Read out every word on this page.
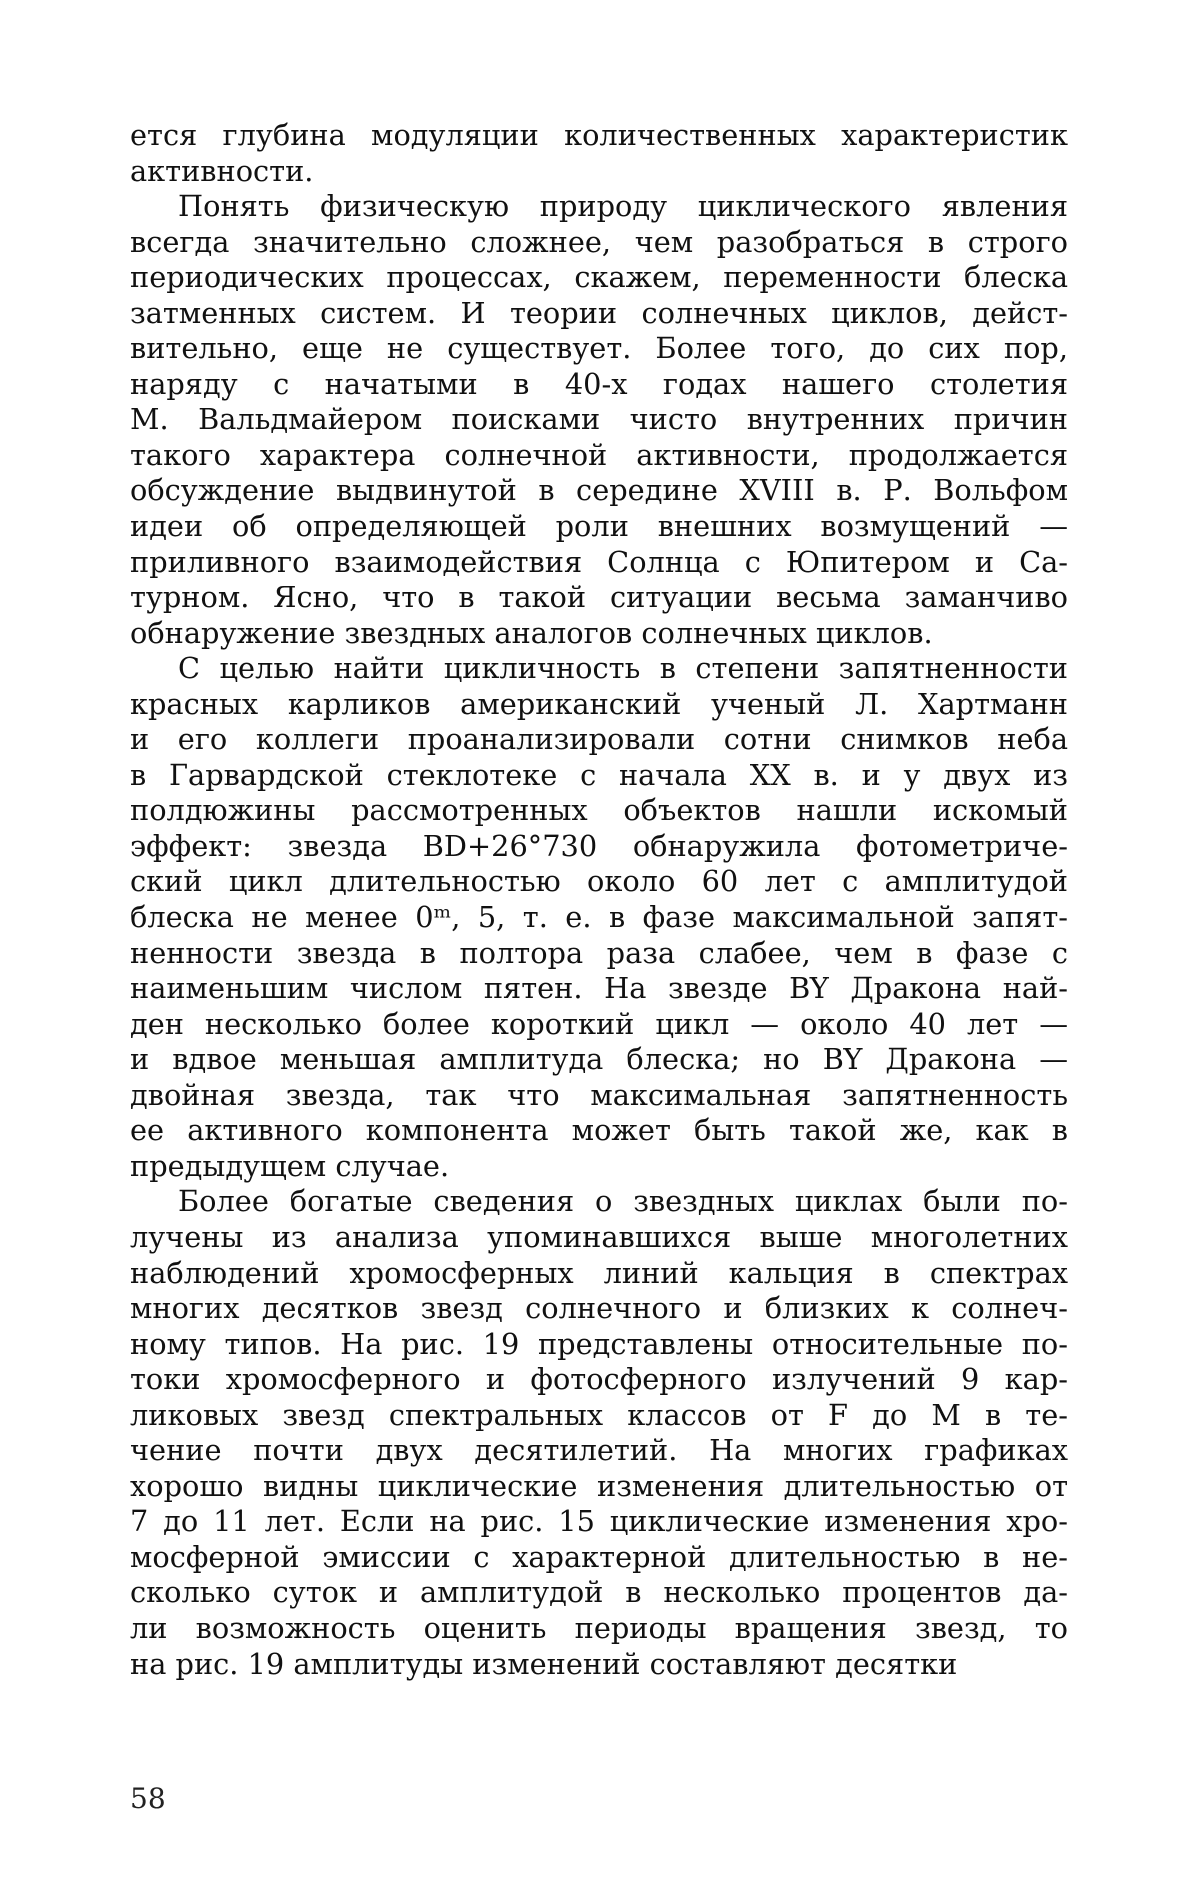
ется глубина модуляции количественных характеристик
активности.
Понять физическую природу циклического явления
всегда значительно сложнее, чем разобраться в строго
периодических процессах, скажем, переменности блеска
затменных систем. И теории солнечных циклов, дейст-
вительно, еще не существует. Более того, до сих пор,
наряду с начатыми в 40-х годах нашего столетия
М. Вальдмайером поисками чисто внутренних причин
такого характера солнечной активности, продолжается
обсуждение выдвинутой в середине XVIII в. Р. Вольфом
идеи об определяющей роли внешних возмущений —
приливного взаимодействия Солнца с Юпитером и Са-
турном. Ясно, что в такой ситуации весьма заманчиво
обнаружение звездных аналогов солнечных циклов.
С целью найти цикличность в степени запятненности
красных карликов американский ученый Л. Хартманн
и его коллеги проанализировали сотни снимков неба
в Гарвардской стеклотеке с начала XX в. и у двух из
полдюжины рассмотренных объектов нашли искомый
эффект: звезда BD+26°730 обнаружила фотометриче-
ский цикл длительностью около 60 лет с амплитудой
блеска не менее 0ᵐ, 5, т. е. в фазе максимальной запят-
ненности звезда в полтора раза слабее, чем в фазе с
наименьшим числом пятен. На звезде BY Дракона най-
ден несколько более короткий цикл — около 40 лет —
и вдвое меньшая амплитуда блеска; но BY Дракона —
двойная звезда, так что максимальная запятненность
ее активного компонента может быть такой же, как в
предыдущем случае.
Более богатые сведения о звездных циклах были по-
лучены из анализа упоминавшихся выше многолетних
наблюдений хромосферных линий кальция в спектрах
многих десятков звезд солнечного и близких к солнеч-
ному типов. На рис. 19 представлены относительные по-
токи хромосферного и фотосферного излучений 9 кар-
ликовых звезд спектральных классов от F до M в те-
чение почти двух десятилетий. На многих графиках
хорошо видны циклические изменения длительностью от
7 до 11 лет. Если на рис. 15 циклические изменения хро-
мосферной эмиссии с характерной длительностью в не-
сколько суток и амплитудой в несколько процентов да-
ли возможность оценить периоды вращения звезд, то
на рис. 19 амплитуды изменений составляют десятки
58
